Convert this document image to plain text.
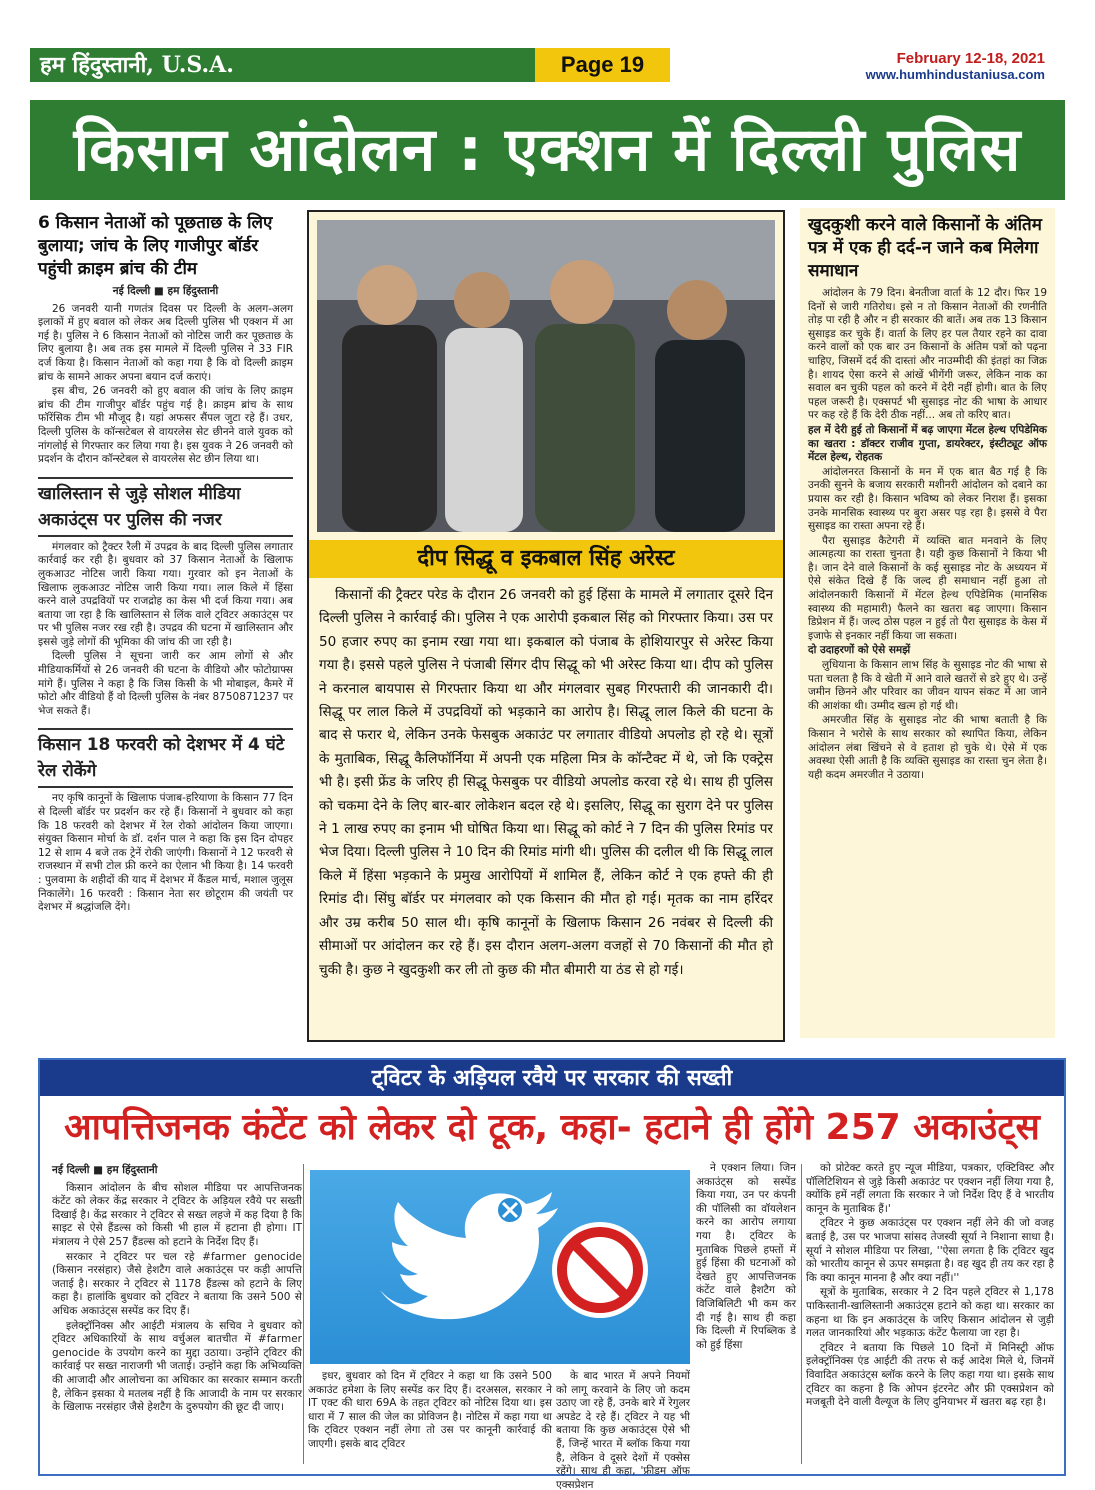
हम हिंदुस्तानी, U.S.A.	Page 19	February 12-18, 2021
www.humhindustaniusa.com
किसान आंदोलन : एक्शन में दिल्ली पुलिस
6 किसान नेताओं को पूछताछ के लिए बुलाया; जांच के लिए गाजीपुर बॉर्डर पहुंची क्राइम ब्रांच की टीम
नई दिल्ली ■ हम हिंदुस्तानी

26 जनवरी यानी गणतंत्र दिवस पर दिल्ली के अलग-अलग इलाकों में हुए बवाल को लेकर अब दिल्ली पुलिस भी एक्शन में आ गई है। पुलिस ने 6 किसान नेताओं को नोटिस जारी कर पूछताछ के लिए बुलाया है। अब तक इस मामले में दिल्ली पुलिस ने 33 FIR दर्ज किया है। किसान नेताओं को कहा गया है कि वो दिल्ली क्राइम ब्रांच के सामने आकर अपना बयान दर्ज कराएं।

इस बीच, 26 जनवरी को हुए बवाल की जांच के लिए क्राइम ब्रांच की टीम गाजीपुर बॉर्डर पहुंच गई है। क्राइम ब्रांच के साथ फॉरेंसिक टीम भी मौजूद है। यहां अफसर सैंपल जुटा रहे हैं। उधर, दिल्ली पुलिस के कॉन्सटेबल से वायरलेस सेट छीनने वाले युवक को नांगलोई से गिरफ्तार कर लिया गया है। इस युवक ने 26 जनवरी को प्रदर्शन के दौरान कॉन्स्टेबल से वायरलेस सेट छीन लिया था।

खालिस्तान से जुड़े सोशल मीडिया अकाउंट्स पर पुलिस की नजर

मंगलवार को ट्रैक्टर रैली में उपद्रव के बाद दिल्ली पुलिस लगातार कार्रवाई कर रही है। बुधवार को 37 किसान नेताओं के खिलाफ लुकआउट नोटिस जारी किया गया। गुरवार को इन नेताओं के खिलाफ लुकआउट नोटिस जारी किया गया। लाल किले में हिंसा करने वाले उपद्रवियों पर राजद्रोह का केस भी दर्ज किया गया। अब बताया जा रहा है कि खालिस्तान से लिंक वाले ट्विटर अकाउंट्स पर पर भी पुलिस नजर रख रही है। उपद्रव की घटना में खालिस्तान और इससे जुड़े लोगों की भूमिका की जांच की जा रही है।

दिल्ली पुलिस ने सूचना जारी कर आम लोगों से और मीडियाकर्मियों से 26 जनवरी की घटना के वीडियो और फोटोग्राफ्स मांगे हैं। पुलिस ने कहा है कि जिस किसी के भी मोबाइल, कैमरे में फोटो और वीडियो हैं वो दिल्ली पुलिस के नंबर 8750871237 पर भेज सकते हैं।

किसान 18 फरवरी को देशभर में 4 घंटे रेल रोकेंगे

नए कृषि कानूनों के खिलाफ पंजाब-हरियाणा के किसान 77 दिन से दिल्ली बॉर्डर पर प्रदर्शन कर रहे हैं। किसानों ने बुधवार को कहा कि 18 फरवरी को देशभर में रेल रोको आंदोलन किया जाएगा। संयुक्त किसान मोर्चा के डॉ. दर्शन पाल ने कहा कि इस दिन दोपहर 12 से शाम 4 बजे तक ट्रेनें रोकी जाएंगी। किसानों ने 12 फरवरी से राजस्थान में सभी टोल फ्री करने का ऐलान भी किया है। 14 फरवरी : पुलवामा के शहीदों की याद में देशभर में कैंडल मार्च, मशाल जुलूस निकालेंगे। 16 फरवरी : किसान नेता सर छोटूराम की जयंती पर देशभर में श्रद्धांजलि देंगे।

दीप सिद्धू व इकबाल सिंह अरेस्ट

किसानों की ट्रैक्टर परेड के दौरान 26 जनवरी को हुई हिंसा के मामले में लगातार दूसरे दिन दिल्ली पुलिस ने कार्रवाई की। पुलिस ने एक आरोपी इकबाल सिंह को गिरफ्तार किया। उस पर 50 हजार रुपए का इनाम रखा गया था। इकबाल को पंजाब के होशियारपुर से अरेस्ट किया गया है। इससे पहले पुलिस ने पंजाबी सिंगर दीप सिद्धू को भी अरेस्ट किया था। दीप को पुलिस ने करनाल बायपास से गिरफ्तार किया था और मंगलवार सुबह गिरफ्तारी की जानकारी दी। सिद्धू पर लाल किले में उपद्रवियों को भड़काने का आरोप है। सिद्धू लाल किले की घटना के बाद से फरार थे, लेकिन उनके फेसबुक अकाउंट पर लगातार वीडियो अपलोड हो रहे थे। सूत्रों के मुताबिक, सिद्धू कैलिफॉर्निया में अपनी एक महिला मित्र के कॉन्टैक्ट में थे, जो कि एक्ट्रेस भी है। इसी फ्रेंड के जरिए ही सिद्धू फेसबुक पर वीडियो अपलोड करवा रहे थे। साथ ही पुलिस को चकमा देने के लिए बार-बार लोकेशन बदल रहे थे। इसलिए, सिद्धू का सुराग देने पर पुलिस ने 1 लाख रुपए का इनाम भी घोषित किया था। सिद्धू को कोर्ट ने 7 दिन की पुलिस रिमांड पर भेज दिया। दिल्ली पुलिस ने 10 दिन की रिमांड मांगी थी। पुलिस की दलील थी कि सिद्धू लाल किले में हिंसा भड़काने के प्रमुख आरोपियों में शामिल हैं, लेकिन कोर्ट ने एक हफ्ते की ही रिमांड दी। सिंघु बॉर्डर पर मंगलवार को एक किसान की मौत हो गई। मृतक का नाम हरिंदर और उम्र करीब 50 साल थी। कृषि कानूनों के खिलाफ किसान 26 नवंबर से दिल्ली की सीमाओं पर आंदोलन कर रहे हैं। इस दौरान अलग-अलग वजहों से 70 किसानों की मौत हो चुकी है। कुछ ने खुदकुशी कर ली तो कुछ की मौत बीमारी या ठंड से हो गई।

खुदकुशी करने वाले किसानों के अंतिम पत्र में एक ही दर्द-न जाने कब मिलेगा समाधान

आंदोलन के 79 दिन। बेनतीजा वार्ता के 12 दौर। फिर 19 दिनों से जारी गतिरोध। इसे न तो किसान नेताओं की रणनीति तोड़ पा रही है और न ही सरकार की बातें। अब तक 13 किसान सुसाइड कर चुके हैं। वार्ता के लिए हर पल तैयार रहने का दावा करने वालों को एक बार उन किसानों के अंतिम पत्रों को पढ़ना चाहिए, जिसमें दर्द की दास्तां और नाउम्मीदी की इंतहां का जिक्र है। शायद ऐसा करने से आंखें भीगेंगी जरूर, लेकिन नाक का सवाल बन चुकी पहल को करने में देरी नहीं होगी। बात के लिए पहल जरूरी है। एक्सपर्ट भी सुसाइड नोट की भाषा के आधार पर कह रहे हैं कि देरी ठीक नहीं... अब तो करिए बात।

हल में देरी हुई तो किसानों में बढ़ जाएगा मेंटल हेल्थ एपिडेमिक का खतरा : डॉक्टर राजीव गुप्ता, डायरेक्टर, इंस्टीट्यूट ऑफ मेंटल हेल्थ, रोहतक

आंदोलनरत किसानों के मन में एक बात बैठ गई है कि उनकी सुनने के बजाय सरकारी मशीनरी आंदोलन को दबाने का प्रयास कर रही है। किसान भविष्य को लेकर निराश हैं। इसका उनके मानसिक स्वास्थ्य पर बुरा असर पड़ रहा है। इससे वे पैरा सुसाइड का रास्ता अपना रहे हैं।

पैरा सुसाइड कैटेगरी में व्यक्ति बात मनवाने के लिए आत्महत्या का रास्ता चुनता है। यही कुछ किसानों ने किया भी है। जान देने वाले किसानों के कई सुसाइड नोट के अध्ययन में ऐसे संकेत दिखे हैं कि जल्द ही समाधान नहीं हुआ तो आंदोलनकारी किसानों में मेंटल हेल्थ एपिडेमिक (मानसिक स्वास्थ्य की महामारी) फैलने का खतरा बढ़ जाएगा। किसान डिप्रेशन में हैं। जल्द ठोस पहल न हुई तो पैरा सुसाइड के केस में इजाफे से इनकार नहीं किया जा सकता।

दो उदाहरणों को ऐसे समझें

लुधियाना के किसान लाभ सिंह के सुसाइड नोट की भाषा से पता चलता है कि वे खेती में आने वाले खतरों से डरे हुए थे। उन्हें जमीन छिनने और परिवार का जीवन यापन संकट में आ जाने की आशंका थी। उम्मीद खत्म हो गई थी।

अमरजीत सिंह के सुसाइड नोट की भाषा बताती है कि किसान ने भरोसे के साथ सरकार को स्थापित किया, लेकिन आंदोलन लंबा खिंचने से वे हताश हो चुके थे। ऐसे में एक अवस्था ऐसी आती है कि व्यक्ति सुसाइड का रास्ता चुन लेता है। यही कदम अमरजीत ने उठाया।

ट्विटर के अड़ियल रवैये पर सरकार की सख्ती
आपत्तिजनक कंटेंट को लेकर दो टूक, कहा- हटाने ही होंगे 257 अकाउंट्स
नई दिल्ली ■ हम हिंदुस्तानी

किसान आंदोलन के बीच सोशल मीडिया पर आपत्तिजनक कंटेंट को लेकर केंद्र सरकार ने ट्विटर के अड़ियल रवैये पर सख्ती दिखाई है। केंद्र सरकार ने ट्विटर से सख्त लहजे में कह दिया है कि साइट से ऐसे हैंडल्स को किसी भी हाल में हटाना ही होगा। IT मंत्रालय ने ऐसे 257 हैंडल्स को हटाने के निर्देश दिए हैं।

सरकार ने ट्विटर पर चल रहे #farmer genocide (किसान नरसंहार) जैसे हेशटैग वाले अकाउंट्स पर कड़ी आपत्ति जताई है। सरकार ने ट्विटर से 1178 हैंडल्स को हटाने के लिए कहा है। हालांकि बुधवार को ट्विटर ने बताया कि उसने 500 से अधिक अकाउंट्स सस्पेंड कर दिए हैं।

इलेक्ट्रॉनिक्स और आईटी मंत्रालय के सचिव ने बुधवार को ट्विटर अधिकारियों के साथ वर्चुअल बातचीत में #farmer genocide के उपयोग करने का मुद्दा उठाया। उन्होंने ट्विटर की कार्रवाई पर सख्त नाराजगी भी जताई। उन्होंने कहा कि अभिव्यक्ति की आजादी और आलोचना का अधिकार का सरकार सम्मान करती है, लेकिन इसका ये मतलब नहीं है कि आजादी के नाम पर सरकार के खिलाफ नरसंहार जैसे हेशटैग के दुरुपयोग की छूट दी जाए।

इधर, बुधवार को दिन में ट्विटर ने कहा था कि उसने 500 अकाउंट हमेशा के लिए सस्पेंड कर दिए हैं। दरअसल, सरकार ने IT एक्ट की धारा 69A के तहत ट्विटर को नोटिस दिया था। इस धारा में 7 साल की जेल का प्रोविजन है। नोटिस में कहा गया था कि ट्विटर एक्शन नहीं लेगा तो उस पर कानूनी कार्रवाई की जाएगी। इसके बाद ट्विटर

के बाद भारत में अपने नियमों को लागू करवाने के लिए जो कदम उठाए जा रहे हैं, उनके बारे में रेगुलर अपडेट दे रहे हैं। ट्विटर ने यह भी बताया कि कुछ अकाउंट्स ऐसे भी हैं, जिन्हें भारत में ब्लॉक किया गया है, लेकिन वे दूसरे देशों में एक्सेस रहेंगे। साथ ही कहा, 'फ्रीडम ऑफ एक्सप्रेशन

ने एक्शन लिया। जिन अकाउंट्स को सस्पेंड किया गया, उन पर कंपनी की पॉलिसी का वॉयलेशन करने का आरोप लगाया गया है। ट्विटर के मुताबिक पिछले हफ्तों में हुई हिंसा की घटनाओं को देखते हुए आपत्तिजनक कंटेंट वाले हैशटैग को विजिबिलिटी भी कम कर दी गई है। साथ ही कहा कि दिल्ली में रिपब्लिक डे को हुई हिंसा

को प्रोटेक्ट करते हुए न्यूज मीडिया, पत्रकार, एक्टिविस्ट और पॉलिटिशियन से जुड़े किसी अकाउंट पर एक्शन नहीं लिया गया है, क्योंकि हमें नहीं लगता कि सरकार ने जो निर्देश दिए हैं वे भारतीय कानून के मुताबिक हैं।'

ट्विटर ने कुछ अकाउंट्स पर एक्शन नहीं लेने की जो वजह बताई है, उस पर भाजपा सांसद तेजस्वी सूर्या ने निशाना साधा है। सूर्या ने सोशल मीडिया पर लिखा, ''ऐसा लगता है कि ट्विटर खुद को भारतीय कानून से ऊपर समझता है। वह खुद ही तय कर रहा है कि क्या कानून मानना है और क्या नहीं।''

सूत्रों के मुताबिक, सरकार ने 2 दिन पहले ट्विटर से 1,178 पाकिस्तानी-खालिस्तानी अकाउंट्स हटाने को कहा था। सरकार का कहना था कि इन अकाउंट्स के जरिए किसान आंदोलन से जुड़ी गलत जानकारियां और भड़काऊ कंटेंट फैलाया जा रहा है।

ट्विटर ने बताया कि पिछले 10 दिनों में मिनिस्ट्री ऑफ इलेक्ट्रॉनिक्स एंड आईटी की तरफ से कई आदेश मिले थे, जिनमें विवादित अकाउंट्स ब्लॉक करने के लिए कहा गया था। इसके साथ ट्विटर का कहना है कि ओपन इंटरनेट और फ्री एक्सप्रेशन को मजबूती देने वाली वैल्यूज के लिए दुनियाभर में खतरा बढ़ रहा है।
